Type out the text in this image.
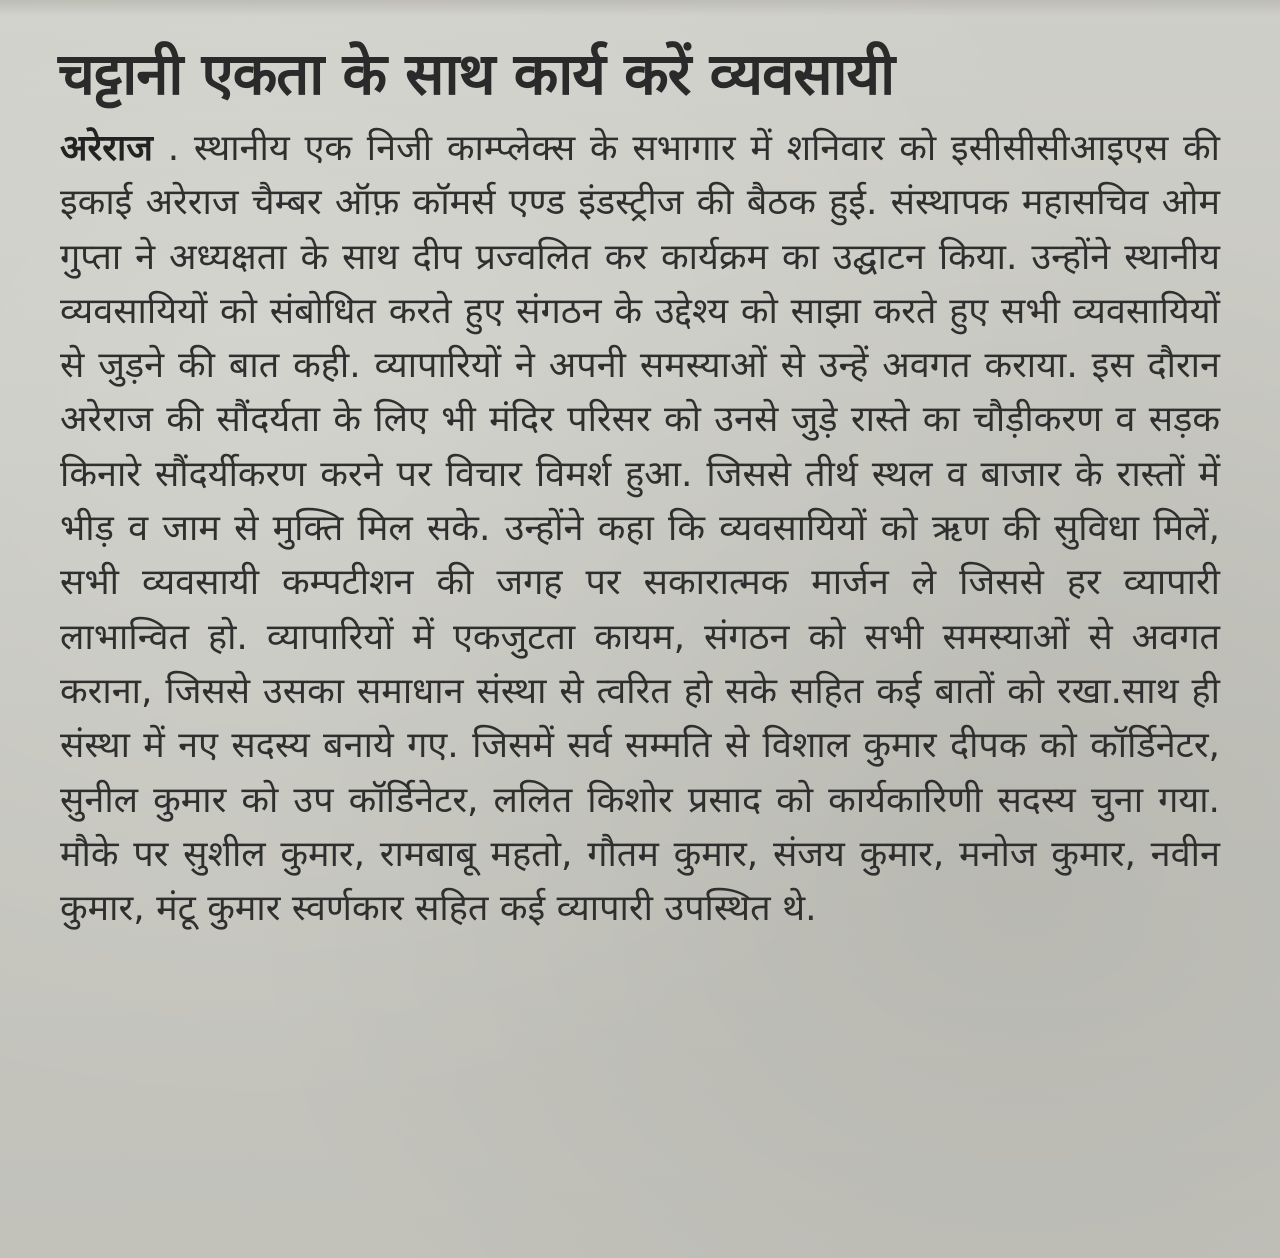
चट्टानी एकता के साथ कार्य करें व्यवसायी

अरेराज . स्थानीय एक निजी काम्प्लेक्स के सभागार में शनिवार को इसीसीसीआइएस की इकाई अरेराज चैम्बर ऑफ़ कॉमर्स एण्ड इंडस्ट्रीज की बैठक हुई. संस्थापक महासचिव ओम गुप्ता ने अध्यक्षता के साथ दीप प्रज्वलित कर कार्यक्रम का उद्घाटन किया. उन्होंने स्थानीय व्यवसायियों को संबोधित करते हुए संगठन के उद्देश्य को साझा करते हुए सभी व्यवसायियों से जुड़ने की बात कही. व्यापारियों ने अपनी समस्याओं से उन्हें अवगत कराया. इस दौरान अरेराज की सौंदर्यता के लिए भी मंदिर परिसर को उनसे जुड़े रास्ते का चौड़ीकरण व सड़क किनारे सौंदर्यीकरण करने पर विचार विमर्श हुआ. जिससे तीर्थ स्थल व बाजार के रास्तों में भीड़ व जाम से मुक्ति मिल सके. उन्होंने कहा कि व्यवसायियों को ऋण की सुविधा मिलें, सभी व्यवसायी कम्पटीशन की जगह पर सकारात्मक मार्जन ले जिससे हर व्यापारी लाभान्वित हो. व्यापारियों में एकजुटता कायम, संगठन को सभी समस्याओं से अवगत कराना, जिससे उसका समाधान संस्था से त्वरित हो सके सहित कई बातों को रखा.साथ ही संस्था में नए सदस्य बनाये गए. जिसमें सर्व सम्मति से विशाल कुमार दीपक को कॉर्डिनेटर, सुनील कुमार को उप कॉर्डिनेटर, ललित किशोर प्रसाद को कार्यकारिणी सदस्य चुना गया. मौके पर सुशील कुमार, रामबाबू महतो, गौतम कुमार, संजय कुमार, मनोज कुमार, नवीन कुमार, मंटू कुमार स्वर्णकार सहित कई व्यापारी उपस्थित थे.
